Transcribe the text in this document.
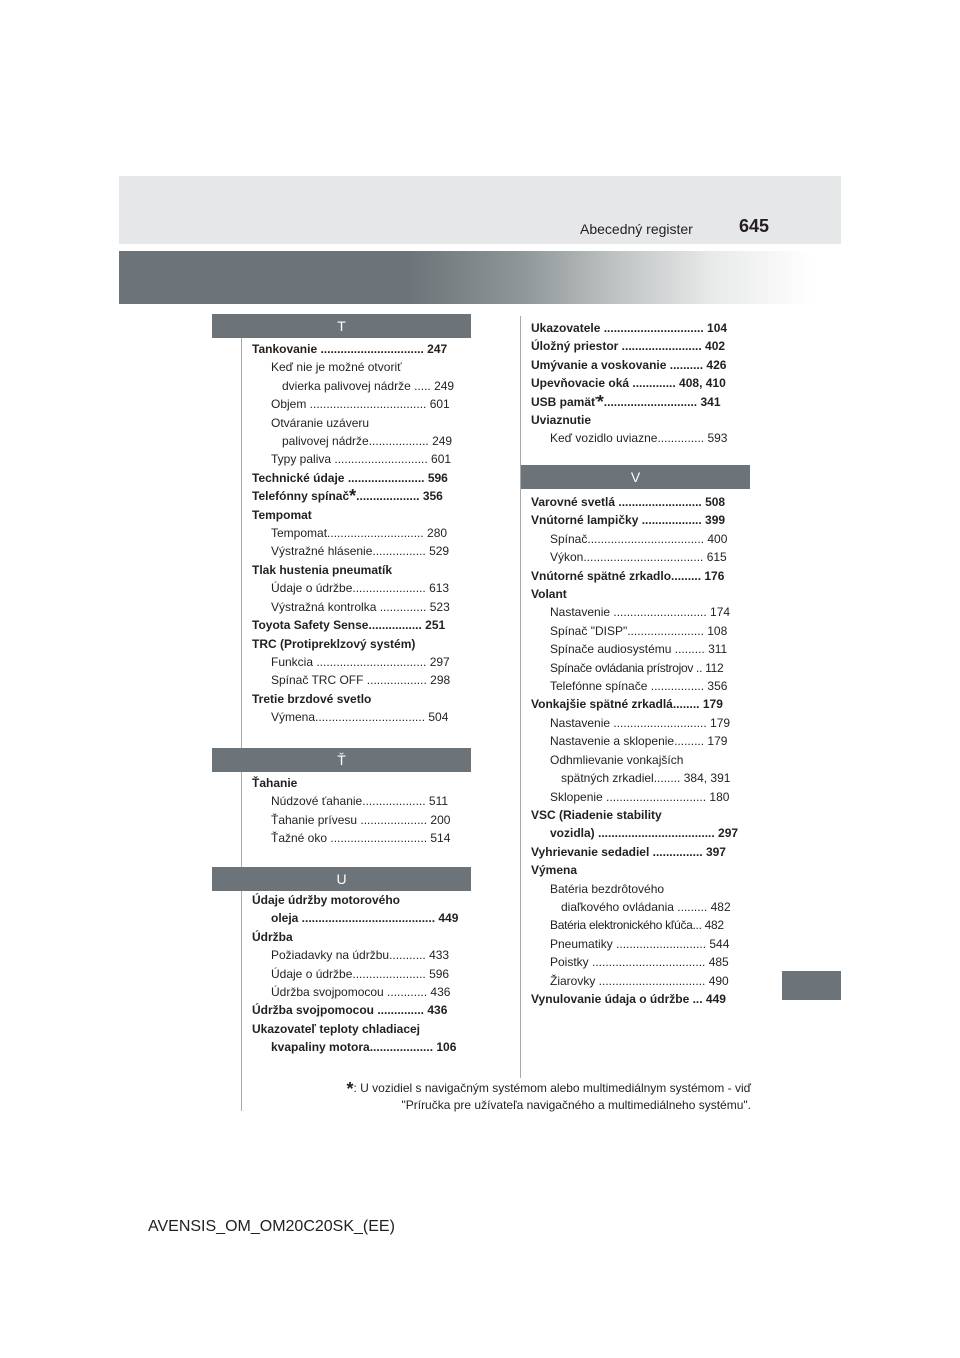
Abecedný register	645
T
Ť
U
V
Tankovanie ............................... 247
Keď nie je možné otvoriť
dvierka palivovej nádrže ..... 249
Objem ................................... 601
Otváranie uzáveru
palivovej nádrže.................. 249
Typy paliva ............................ 601
Technické údaje ....................... 596
Telefónny spínač*................... 356
Tempomat
Tempomat............................. 280
Výstražné hlásenie................ 529
Tlak hustenia pneumatík
Údaje o údržbe...................... 613
Výstražná kontrolka .............. 523
Toyota Safety Sense................ 251
TRC (Protipreklzový systém)
Funkcia ................................. 297
Spínač TRC OFF .................. 298
Tretie brzdové svetlo
Výmena................................. 504
Ťahanie
Núdzové ťahanie................... 511
Ťahanie prívesu .................... 200
Ťažné oko ............................. 514
Údaje údržby motorového
oleja ........................................ 449
Údržba
Požiadavky na údržbu........... 433
Údaje o údržbe...................... 596
Údržba svojpomocou ............ 436
Údržba svojpomocou .............. 436
Ukazovateľ teploty chladiacej
kvapaliny motora................... 106
Ukazovatele .............................. 104
Úložný priestor ........................ 402
Umývanie a voskovanie .......... 426
Upevňovacie oká ............. 408, 410
USB pamäť*............................ 341
Uviaznutie
Keď vozidlo uviazne.............. 593
Varovné svetlá ......................... 508
Vnútorné lampičky .................. 399
Spínač................................... 400
Výkon.................................... 615
Vnútorné spätné zrkadlo......... 176
Volant
Nastavenie ............................ 174
Spínač "DISP"....................... 108
Spínače audiosystému ......... 311
Spínače ovládania prístrojov .. 112
Telefónne spínače ................ 356
Vonkajšie spätné zrkadlá........ 179
Nastavenie ............................ 179
Nastavenie a sklopenie......... 179
Odhmlievanie vonkajších
spätných zrkadiel........ 384, 391
Sklopenie .............................. 180
VSC (Riadenie stability
vozidla) ................................... 297
Vyhrievanie sedadiel ............... 397
Výmena
Batéria bezdrôtového
diaľkového ovládania ......... 482
Batéria elektronického kľúča... 482
Pneumatiky ........................... 544
Poistky .................................. 485
Žiarovky ................................ 490
Vynulovanie údaja o údržbe ... 449
*: U vozidiel s navigačným systémom alebo multimediálnym systémom - viď
"Príručka pre užívateľa navigačného a multimediálneho systému".
AVENSIS_OM_OM20C20SK_(EE)
